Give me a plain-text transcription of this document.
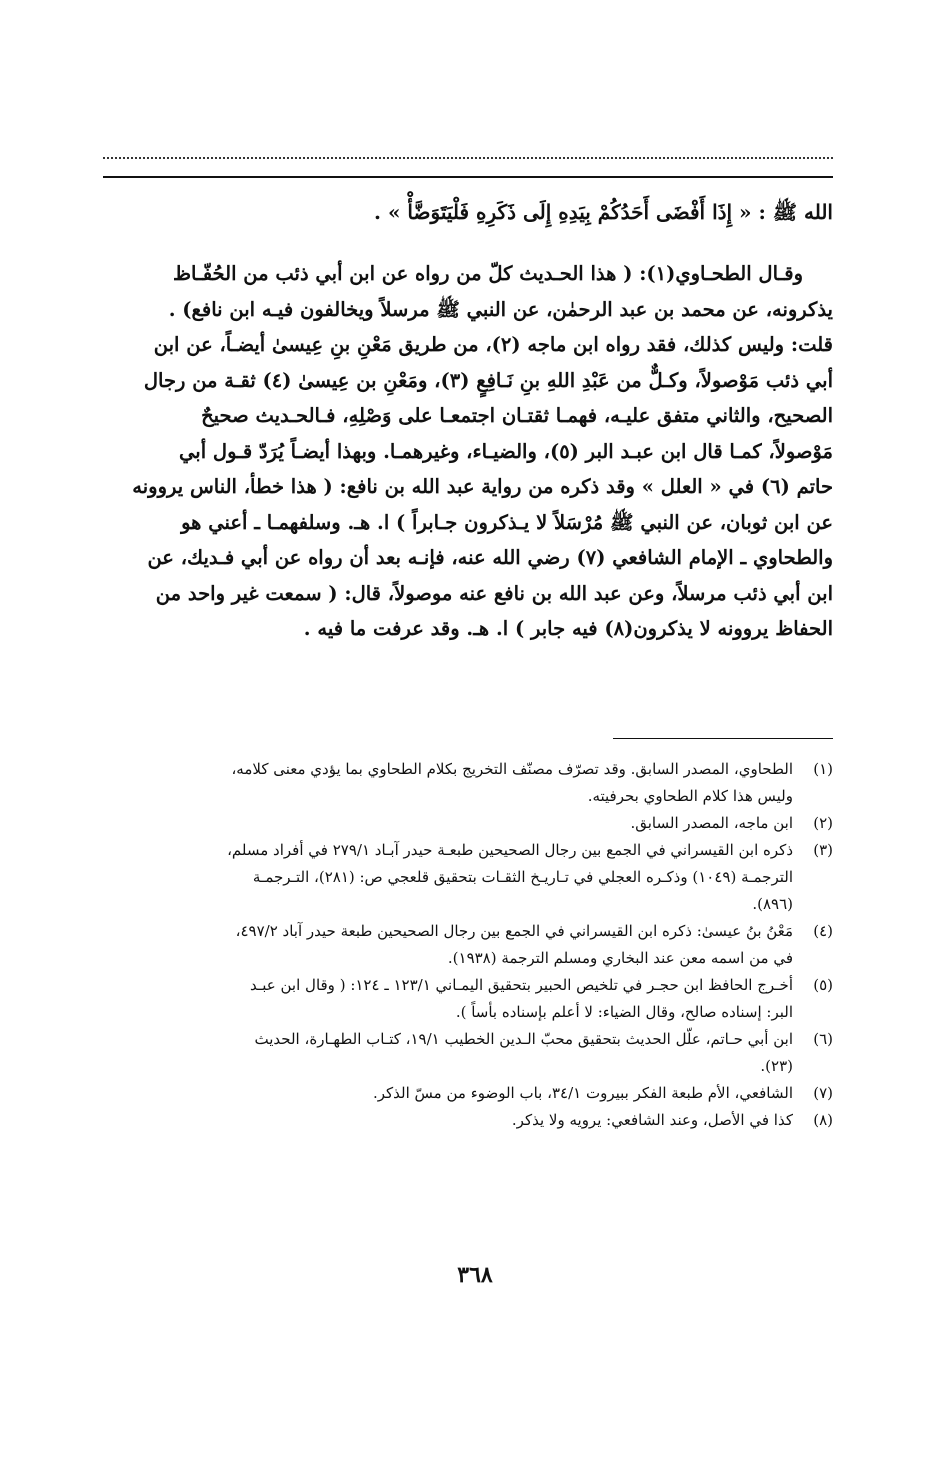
الله ﷺ : « إِذَا أَفْضَى أَحَدُكُمْ بِيَدِهِ إِلَى ذَكَرِهِ فَلْيَتَوَضَّأْ » .
وقـال الطحـاوي(١): ( هذا الحـديث كلّ من رواه عن ابن أبي ذئب من الحُفّـاظ
يذكرونه، عن محمد بن عبد الرحمٰن، عن النبي ﷺ مرسلاً ويخالفون فيـه ابن نافع) .
قلت: وليس كذلك، فقد رواه ابن ماجه (٢)، من طريق مَعْنِ بنِ عِيسىٰ أيضـاً، عن ابن
أبي ذئب مَوْصولاً، وكـلٌّ من عَبْدِ اللهِ بنِ نَـافِعٍ (٣)، ومَعْنِ بن عِيسىٰ (٤) ثقـة من رجال
الصحيح، والثاني متفق عليـه، فهمـا ثقتـان اجتمعـا على وَصْلِهِ، فـالحـديث صحيحٌ
مَوْصولاً، كمـا قال ابن عبـد البر (٥)، والضيـاء، وغيرهمـا. وبهذا أيضـاً يُرَدّ قـول أبي
حاتم (٦) في « العلل » وقد ذكره من رواية عبد الله بن نافع: ( هذا خطأ، الناس يروونه
عن ابن ثوبان، عن النبي ﷺ مُرْسَلاً لا يـذكرون جـابراً ) ا. هـ. وسلفهمـا ـ أعني هو
والطحاوي ـ الإمام الشافعي (٧) رضي الله عنه، فإنـه بعد أن رواه عن أبي فـديك، عن
ابن أبي ذئب مرسلاً، وعن عبد الله بن نافع عنه موصولاً، قال: ( سمعت غير واحد من
الحفاظ يروونه لا يذكرون(٨) فيه جابر ) ا. هـ. وقد عرفت ما فيه .
(١)
الطحاوي، المصدر السابق. وقد تصرّف مصنّف التخريج بكلام الطحاوي بما يؤدي معنى كلامه،
وليس هذا كلام الطحاوي بحرفيته.
(٢)
ابن ماجه، المصدر السابق.
(٣)
ذكره ابن القيسراني في الجمع بين رجال الصحيحين طبعـة حيدر آبـاد ٢٧٩/١ في أفراد مسلم،
الترجمـة (١٠٤٩) وذكـره العجلي في تـاريـخ الثقـات بتحقيق قلعجي ص: (٢٨١)، التـرجمـة
(٨٩٦).
(٤)
مَعْنُ بنُ عيسىٰ: ذكره ابن القيسراني في الجمع بين رجال الصحيحين طبعة حيدر آباد ٤٩٧/٢،
في من اسمه معن عند البخاري ومسلم الترجمة (١٩٣٨).
(٥)
أخـرج الحافظ ابن حجـر في تلخيص الحبير بتحقيق اليمـاني ١٢٣/١ ـ ١٢٤: ( وقال ابن عبـد
البر: إسناده صالح، وقال الضياء: لا أعلم بإسناده بأساً ).
(٦)
ابن أبي حـاتم، علّل الحديث بتحقيق محبّ الـدين الخطيب ١٩/١، كتـاب الطهـارة، الحديث
(٢٣).
(٧)
الشافعي، الأم طبعة الفكر ببيروت ٣٤/١، باب الوضوء من مسّ الذكر.
(٨)
كذا في الأصل، وعند الشافعي: يرويه ولا يذكر.
٣٦٨
